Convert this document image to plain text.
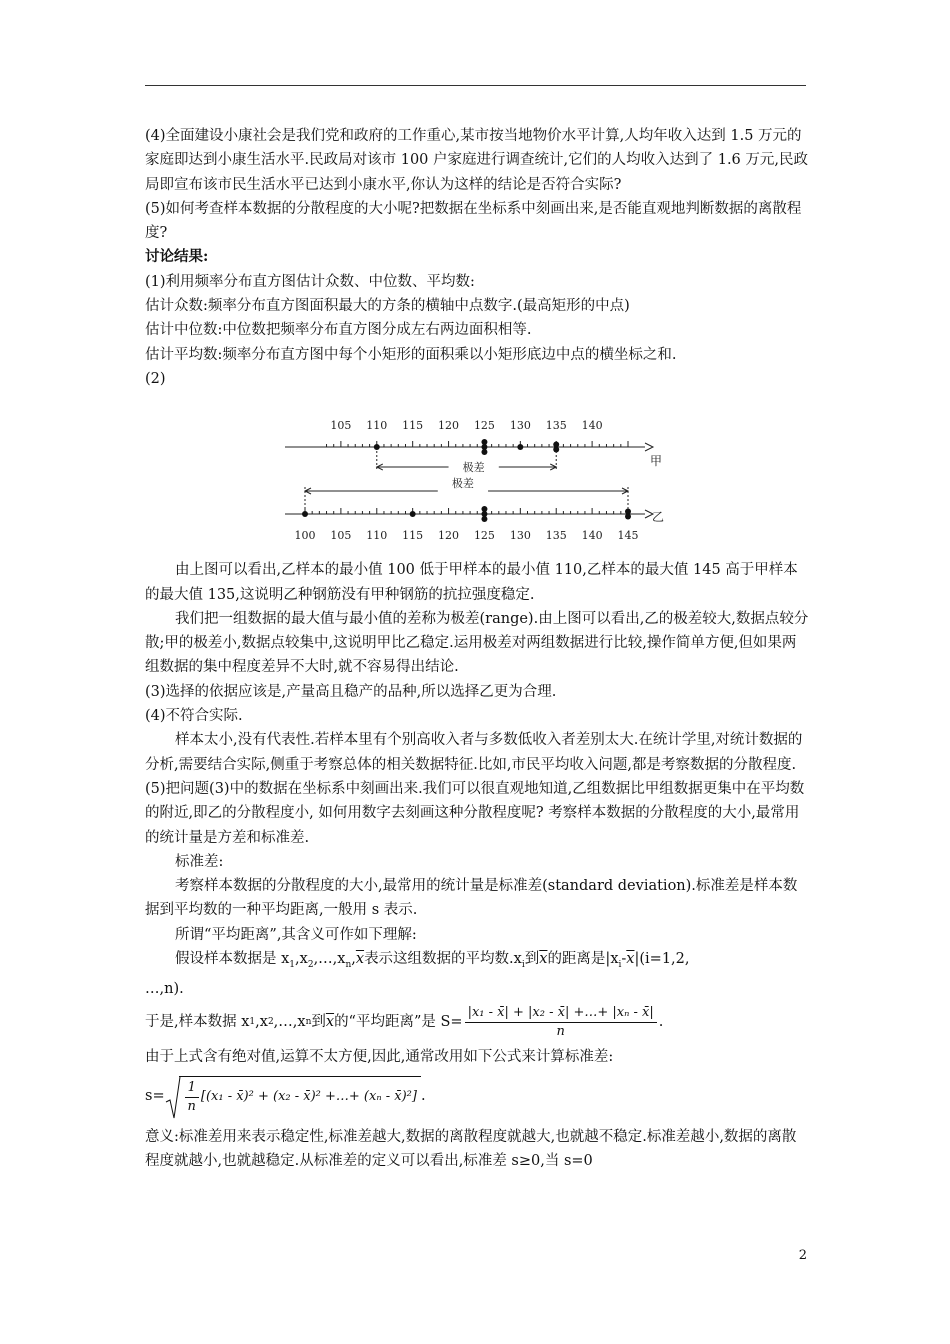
(4)全面建设小康社会是我们党和政府的工作重心,某市按当地物价水平计算,人均年收入达到 1.5 万元的家庭即达到小康生活水平.民政局对该市 100 户家庭进行调查统计,它们的人均收入达到了 1.6 万元,民政局即宣布该市民生活水平已达到小康水平,你认为这样的结论是否符合实际?

(5)如何考查样本数据的分散程度的大小呢?把数据在坐标系中刻画出来,是否能直观地判断数据的离散程度?

讨论结果:

(1)利用频率分布直方图估计众数、中位数、平均数:

估计众数:频率分布直方图面积最大的方条的横轴中点数字.(最高矩形的中点)

估计中位数:中位数把频率分布直方图分成左右两边面积相等.

估计平均数:频率分布直方图中每个小矩形的面积乘以小矩形底边中点的横坐标之和.

(2)

105 110 115 120 125 130 135 140
100 105 110 115 120 125 130 135 140 145
甲
乙
极差
极差

由上图可以看出,乙样本的最小值 100 低于甲样本的最小值 110,乙样本的最大值 145 高于甲样本的最大值 135,这说明乙种钢筋没有甲种钢筋的抗拉强度稳定.

我们把一组数据的最大值与最小值的差称为极差(range).由上图可以看出,乙的极差较大,数据点较分散;甲的极差小,数据点较集中,这说明甲比乙稳定.运用极差对两组数据进行比较,操作简单方便,但如果两组数据的集中程度差异不大时,就不容易得出结论.

(3)选择的依据应该是,产量高且稳产的品种,所以选择乙更为合理.

(4)不符合实际.

样本太小,没有代表性.若样本里有个别高收入者与多数低收入者差别太大.在统计学里,对统计数据的分析,需要结合实际,侧重于考察总体的相关数据特征.比如,市民平均收入问题,都是考察数据的分散程度.

(5)把问题(3)中的数据在坐标系中刻画出来.我们可以很直观地知道,乙组数据比甲组数据更集中在平均数的附近,即乙的分散程度小, 如何用数字去刻画这种分散程度呢? 考察样本数据的分散程度的大小,最常用的统计量是方差和标准差.

标准差:

考察样本数据的分散程度的大小,最常用的统计量是标准差(standard deviation).标准差是样本数据到平均数的一种平均距离,一般用 s 表示.

所谓“平均距离”,其含义可作如下理解:

假设样本数据是 $x_1,x_2,\dots,x_n,\overline{x}$表示这组数据的平均数$.x_i$到$\overline{x}$的距离是$|x_i-\overline{x}|(i=1,2$,

…,n).

于是,样本数据 x 1 ,x 2 ,…,x n 到 $\overline{x}$ 的“平均距离”是 $S= \frac{\text{|x₁ - x̄| + |x₂ - x̄| +…+ |xₙ - x̄|}}{n}$ .

由于上式含有绝对值,运算不太方便,因此,通常改用如下公式来计算标准差:

$s= \frac{1}{n} [(x_1$ - x̄)² + (x₂ - x̄)² +…+ (xₙ - x̄)²] .

意义:标准差用来表示稳定性,标准差越大,数据的离散程度就越大,也就越不稳定.标准差越小,数据的离散程度就越小,也就越稳定.从标准差的定义可以看出,标准差 s≥0,当 s=0

2
